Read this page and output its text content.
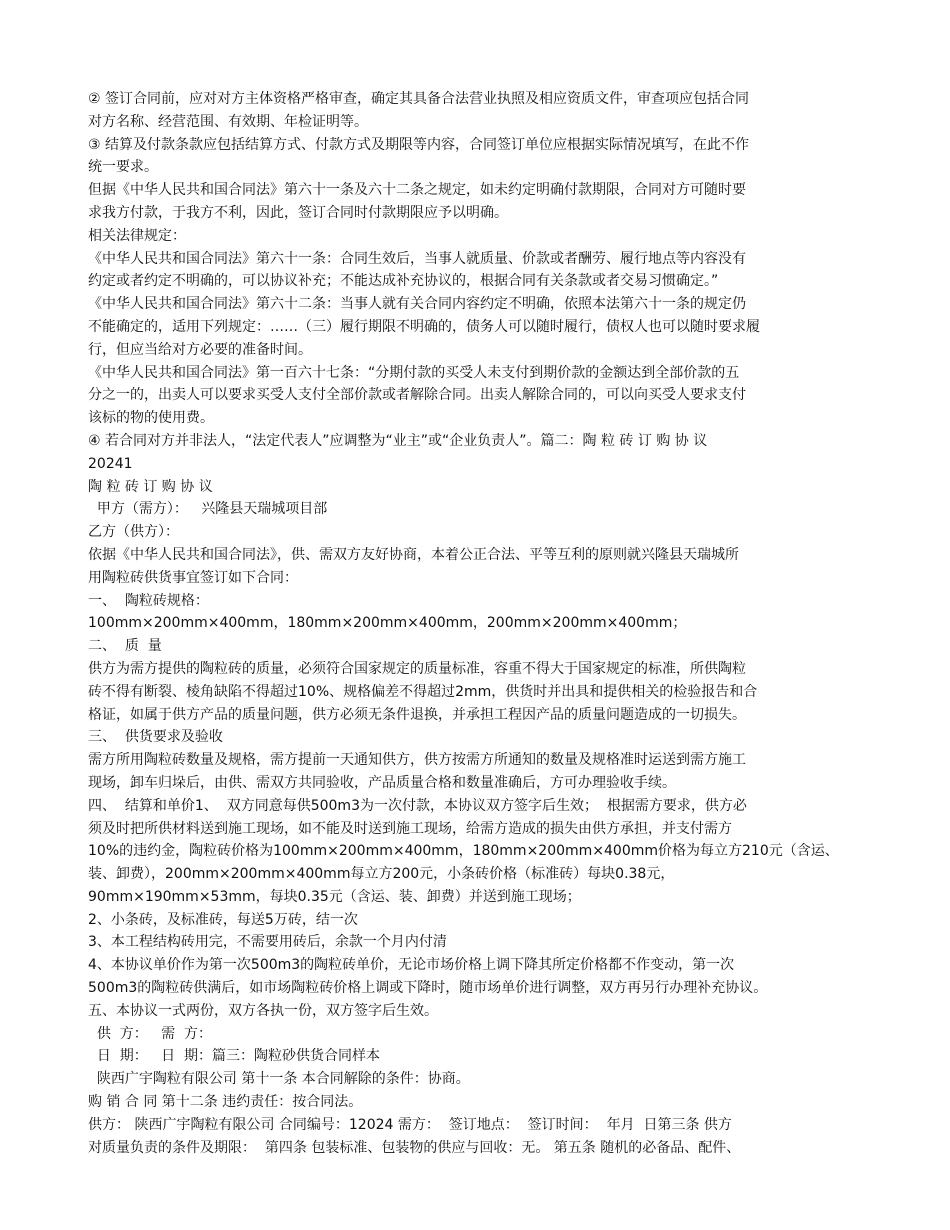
② 签订合同前，应对对方主体资格严格审查，确定其具备合法营业执照及相应资质文件，审查项应包括合同
对方名称、经营范围、有效期、年检证明等。
③ 结算及付款条款应包括结算方式、付款方式及期限等内容，合同签订单位应根据实际情况填写，在此不作
统一要求。
但据《中华人民共和国合同法》第六十一条及六十二条之规定，如未约定明确付款期限，合同对方可随时要
求我方付款，于我方不利，因此，签订合同时付款期限应予以明确。
相关法律规定：
《中华人民共和国合同法》第六十一条：合同生效后，当事人就质量、价款或者酬劳、履行地点等内容没有
约定或者约定不明确的，可以协议补充；不能达成补充协议的，根据合同有关条款或者交易习惯确定。”
《中华人民共和国合同法》第六十二条：当事人就有关合同内容约定不明确，依照本法第六十一条的规定仍
不能确定的，适用下列规定：……（三）履行期限不明确的，债务人可以随时履行，债权人也可以随时要求履
行，但应当给对方必要的准备时间。
《中华人民共和国合同法》第一百六十七条：“分期付款的买受人未支付到期价款的金额达到全部价款的五
分之一的，出卖人可以要求买受人支付全部价款或者解除合同。出卖人解除合同的，可以向买受人要求支付
该标的物的使用费。
④ 若合同对方并非法人，“法定代表人”应调整为“业主”或“企业负责人”。篇二：陶 粒 砖 订 购 协 议
20241
陶 粒 砖 订 购 协 议
甲方（需方）：   兴隆县天瑞城项目部
乙方（供方）：
依据《中华人民共和国合同法》，供、需双方友好协商，本着公正合法、平等互利的原则就兴隆县天瑞城所
用陶粒砖供货事宜签订如下合同：
一、  陶粒砖规格：
100mm×200mm×400mm，180mm×200mm×400mm，200mm×200mm×400mm；
二、  质  量
供方为需方提供的陶粒砖的质量，必须符合国家规定的质量标准，容重不得大于国家规定的标准，所供陶粒
砖不得有断裂、棱角缺陷不得超过10%、规格偏差不得超过2mm，供货时并出具和提供相关的检验报告和合
格证，如属于供方产品的质量问题，供方必须无条件退换，并承担工程因产品的质量问题造成的一切损失。
三、  供货要求及验收
需方所用陶粒砖数量及规格，需方提前一天通知供方，供方按需方所通知的数量及规格准时运送到需方施工
现场，卸车归垛后，由供、需双方共同验收，产品质量合格和数量准确后，方可办理验收手续。
四、  结算和单价1、  双方同意每供500m3为一次付款，本协议双方签字后生效；  根据需方要求，供方必
须及时把所供材料送到施工现场，如不能及时送到施工现场，给需方造成的损失由供方承担，并支付需方
10%的违约金，陶粒砖价格为100mm×200mm×400mm，180mm×200mm×400mm价格为每立方210元（含运、
装、卸费），200mm×200mm×400mm每立方200元，小条砖价格（标准砖）每块0.38元，
90mm×190mm×53mm，每块0.35元（含运、装、卸费）并送到施工现场；
2、小条砖，及标准砖，每送5万砖，结一次
3、本工程结构砖用完，不需要用砖后，余款一个月内付清
4、本协议单价作为第一次500m3的陶粒砖单价，无论市场价格上调下降其所定价格都不作变动，第一次
500m3的陶粒砖供满后，如市场陶粒砖价格上调或下降时，随市场单价进行调整，双方再另行办理补充协议。
五、本协议一式两份，双方各执一份，双方签字后生效。
供  方：   需  方：
日  期：   日  期：篇三：陶粒砂供货合同样本
陕西广宇陶粒有限公司 第十一条 本合同解除的条件：协商。
购 销 合 同 第十二条 违约责任：按合同法。
供方： 陕西广宇陶粒有限公司 合同编号：12024 需方：  签订地点：  签订时间：  年月  日第三条 供方
对质量负责的条件及期限：  第四条 包装标准、包装物的供应与回收：无。 第五条 随机的必备品、配件、
